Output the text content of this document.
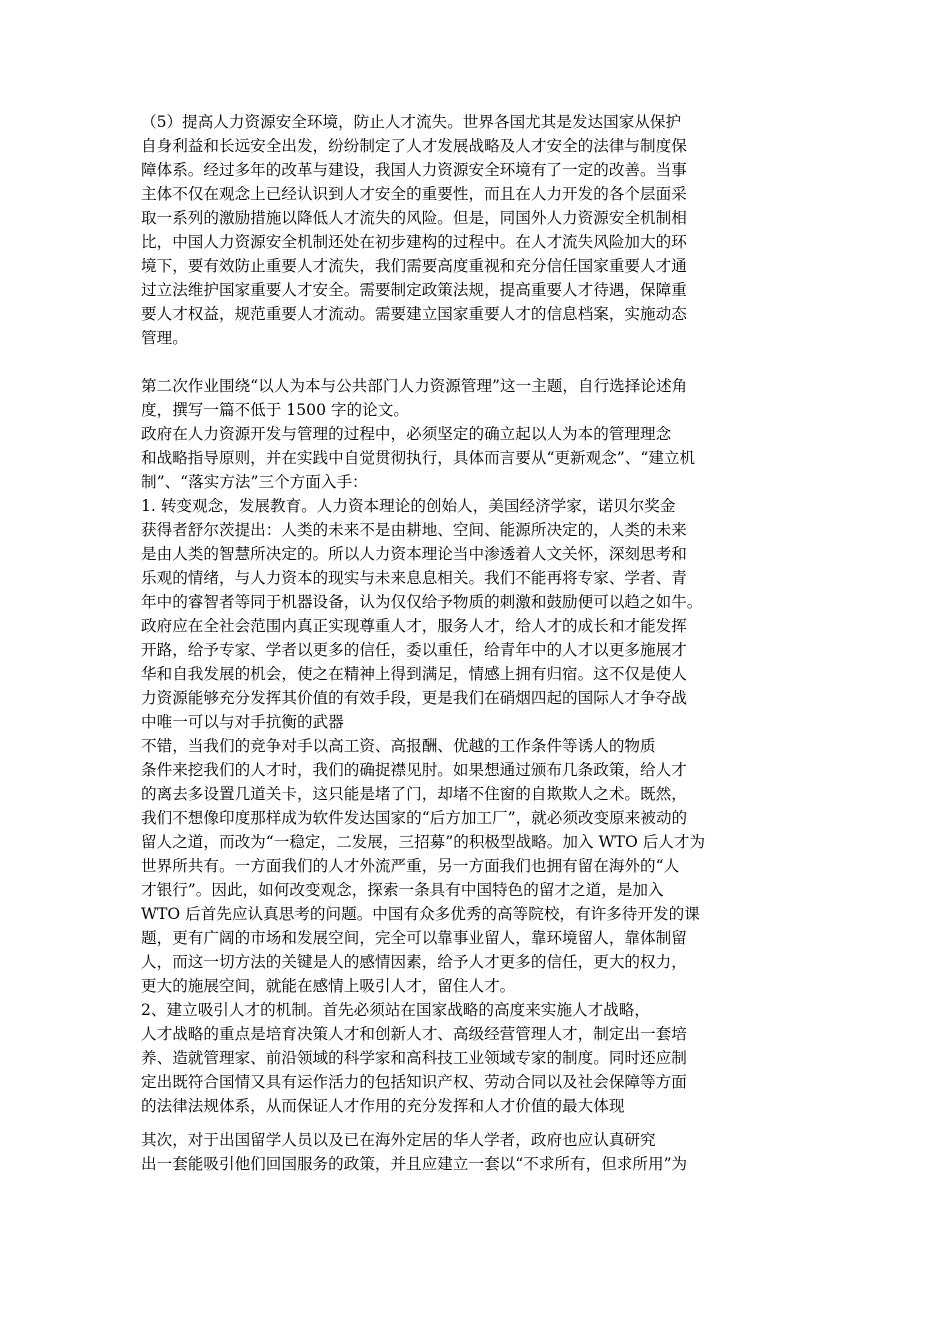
（5）提高人力资源安全环境，防止人才流失。世界各国尤其是发达国家从保护
自身利益和长远安全出发，纷纷制定了人才发展战略及人才安全的法律与制度保
障体系。经过多年的改革与建设，我国人力资源安全环境有了一定的改善。当事
主体不仅在观念上已经认识到人才安全的重要性，而且在人力开发的各个层面采
取一系列的激励措施以降低人才流失的风险。但是，同国外人力资源安全机制相
比，中国人力资源安全机制还处在初步建构的过程中。在人才流失风险加大的环
境下，要有效防止重要人才流失，我们需要高度重视和充分信任国家重要人才通
过立法维护国家重要人才安全。需要制定政策法规，提高重要人才待遇，保障重
要人才权益，规范重要人才流动。需要建立国家重要人才的信息档案，实施动态
管理。
第二次作业围绕“以人为本与公共部门人力资源管理”这一主题，自行选择论述角
度，撰写一篇不低于 1500 字的论文。
政府在人力资源开发与管理的过程中，必须坚定的确立起以人为本的管理理念
和战略指导原则，并在实践中自觉贯彻执行，具体而言要从“更新观念”、“建立机
制”、“落实方法”三个方面入手：
1. 转变观念，发展教育。人力资本理论的创始人，美国经济学家，诺贝尔奖金
获得者舒尔茨提出：人类的未来不是由耕地、空间、能源所决定的，人类的未来
是由人类的智慧所决定的。所以人力资本理论当中渗透着人文关怀，深刻思考和
乐观的情绪，与人力资本的现实与未来息息相关。我们不能再将专家、学者、青
年中的睿智者等同于机器设备，认为仅仅给予物质的刺激和鼓励便可以趋之如牛。
政府应在全社会范围内真正实现尊重人才，服务人才，给人才的成长和才能发挥
开路，给予专家、学者以更多的信任，委以重任，给青年中的人才以更多施展才
华和自我发展的机会，使之在精神上得到满足，情感上拥有归宿。这不仅是使人
力资源能够充分发挥其价值的有效手段，更是我们在硝烟四起的国际人才争夺战
中唯一可以与对手抗衡的武器
不错，当我们的竞争对手以高工资、高报酬、优越的工作条件等诱人的物质
条件来挖我们的人才时，我们的确捉襟见肘。如果想通过颁布几条政策，给人才
的离去多设置几道关卡，这只能是堵了门，却堵不住窗的自欺欺人之术。既然，
我们不想像印度那样成为软件发达国家的“后方加工厂”，就必须改变原来被动的
留人之道，而改为“一稳定，二发展，三招募”的积极型战略。加入 WTO 后人才为
世界所共有。一方面我们的人才外流严重，另一方面我们也拥有留在海外的“人
才银行”。因此，如何改变观念，探索一条具有中国特色的留才之道，是加入
WTO 后首先应认真思考的问题。中国有众多优秀的高等院校，有许多待开发的课
题，更有广阔的市场和发展空间，完全可以靠事业留人，靠环境留人，靠体制留
人，而这一切方法的关键是人的感情因素，给予人才更多的信任，更大的权力，
更大的施展空间，就能在感情上吸引人才，留住人才。
2、建立吸引人才的机制。首先必须站在国家战略的高度来实施人才战略，
人才战略的重点是培育决策人才和创新人才、高级经营管理人才，制定出一套培
养、造就管理家、前沿领域的科学家和高科技工业领域专家的制度。同时还应制
定出既符合国情又具有运作活力的包括知识产权、劳动合同以及社会保障等方面
的法律法规体系，从而保证人才作用的充分发挥和人才价值的最大体现
其次，对于出国留学人员以及已在海外定居的华人学者，政府也应认真研究
出一套能吸引他们回国服务的政策，并且应建立一套以“不求所有，但求所用”为
